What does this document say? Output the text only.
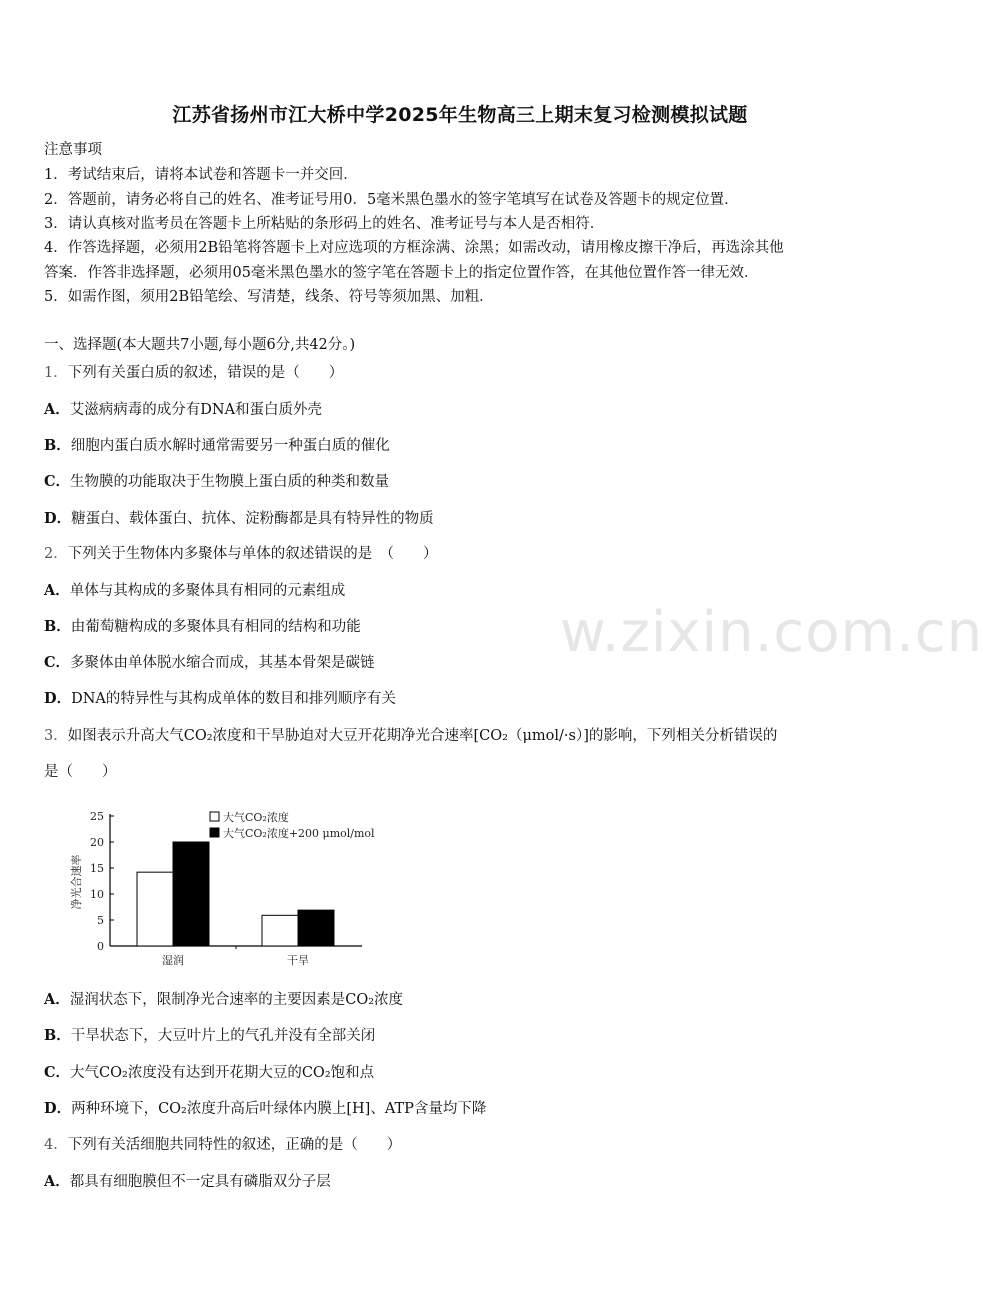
江苏省扬州市江大桥中学2025年生物高三上期末复习检测模拟试题
注意事项
1．考试结束后，请将本试卷和答题卡一并交回．
2．答题前，请务必将自己的姓名、准考证号用0．5毫米黑色墨水的签字笔填写在试卷及答题卡的规定位置．
3．请认真核对监考员在答题卡上所粘贴的条形码上的姓名、准考证号与本人是否相符．
4．作答选择题，必须用2B铅笔将答题卡上对应选项的方框涂满、涂黑；如需改动，请用橡皮擦干净后，再选涂其他
答案．作答非选择题，必须用05毫米黑色墨水的签字笔在答题卡上的指定位置作答，在其他位置作答一律无效．
5．如需作图，须用2B铅笔绘、写清楚，线条、符号等须加黑、加粗．
一、选择题(本大题共7小题,每小题6分,共42分。)
1．下列有关蛋白质的叙述，错误的是（　　）
A．艾滋病病毒的成分有DNA和蛋白质外壳
B．细胞内蛋白质水解时通常需要另一种蛋白质的催化
C．生物膜的功能取决于生物膜上蛋白质的种类和数量
D．糖蛋白、载体蛋白、抗体、淀粉酶都是具有特异性的物质
2．下列关于生物体内多聚体与单体的叙述错误的是　（　　）
A．单体与其构成的多聚体具有相同的元素组成
B．由葡萄糖构成的多聚体具有相同的结构和功能
C．多聚体由单体脱水缩合而成，其基本骨架是碳链
D．DNA的特异性与其构成单体的数目和排列顺序有关
3．如图表示升高大气CO₂浓度和干旱胁迫对大豆开花期净光合速率[CO₂（μmol/·s）]的影响，下列相关分析错误的
是（　　）
0
5
10
15
20
25
湿润	干旱
大气CO₂浓度
大气CO₂浓度+200 μmol/mol
净光合速率
A．湿润状态下，限制净光合速率的主要因素是CO₂浓度
B．干旱状态下，大豆叶片上的气孔并没有全部关闭
C．大气CO₂浓度没有达到开花期大豆的CO₂饱和点
D．两种环境下，CO₂浓度升高后叶绿体内膜上[H]、ATP含量均下降
4．下列有关活细胞共同特性的叙述，正确的是（　　）
A．都具有细胞膜但不一定具有磷脂双分子层
w.zixin.com.cn
